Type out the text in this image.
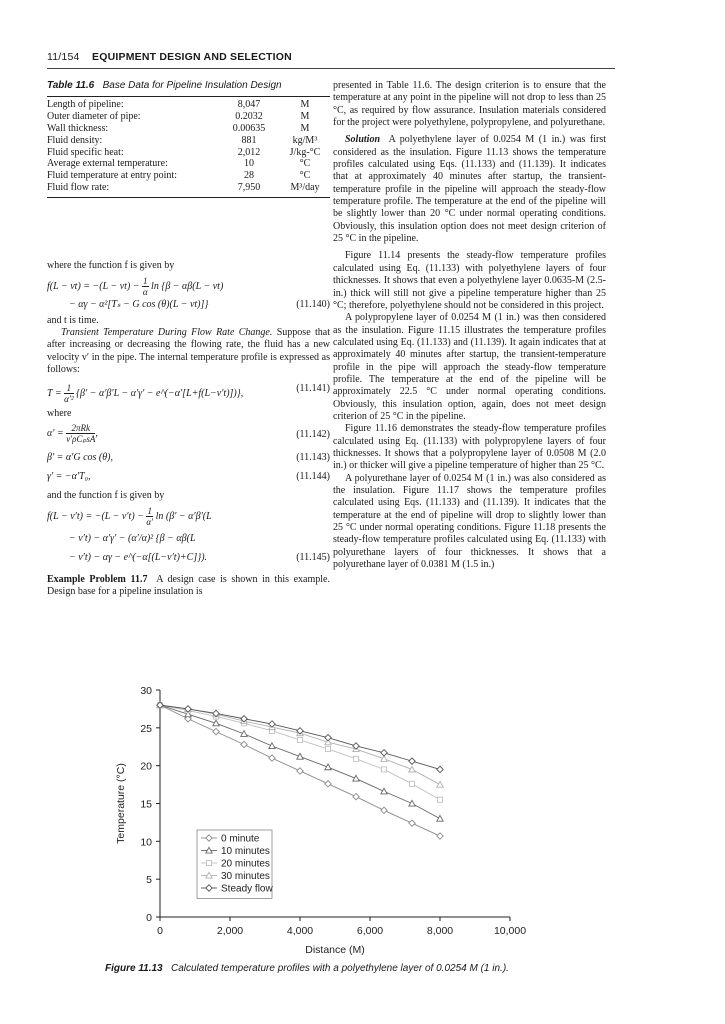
11/154 EQUIPMENT DESIGN AND SELECTION
Table 11.6 Base Data for Pipeline Insulation Design
Length of pipeline:	8,047	M
Outer diameter of pipe:	0.2032	M
Wall thickness:	0.00635	M
Fluid density:	881	kg/M³
Fluid specific heat:	2,012	J/kg-°C
Average external temperature:	10	°C
Fluid temperature at entry point:	28	°C
Fluid flow rate:	7,950	M³/day

where the function f is given by

$f(L - vt) = -(L - vt) - \frac{1}{\alpha}$ ln {β − αβ(L − vt)
− αγ − α²[Tₛ − G cos (θ)(L − vt)]}	(11.140)

and t is time.

Transient Temperature During Flow Rate Change. Suppose that after increasing or decreasing the flowing rate, the fluid has a new velocity v′ in the pipe. The internal temperature profile is expressed as follows:

$T = \frac{1}{\text{α′²}} \{\beta' - \alpha'\beta'L - \alpha'\gamma'$ − e^(−α′[L+f(L−v′t)])},	(11.141)

where

$\alpha' = \frac{\text{2πRk}}{\text{v′ρCₚsA}}$ ,	(11.142)
β′ = α′G cos (θ),	(11.143)
γ′ = −α′T₀,	(11.144)

and the function f is given by

$f(L - v't) = -(L - v't) - \frac{1}{\alpha'}$ ln (β′ − α′β′(L
− v′t) − α′γ′ − (α′/α)² {β − αβ(L
− v′t) − αγ − e^(−α[(L−v′t)+C]}).	(11.145)

Example Problem 11.7 A design case is shown in this example. Design base for a pipeline insulation is

presented in Table 11.6. The design criterion is to ensure that the temperature at any point in the pipeline will not drop to less than 25 °C, as required by flow assurance. Insulation materials considered for the project were polyethylene, polypropylene, and polyurethane.

Solution A polyethylene layer of 0.0254 M (1 in.) was first considered as the insulation. Figure 11.13 shows the temperature profiles calculated using Eqs. (11.133) and (11.139). It indicates that at approximately 40 minutes after startup, the transient-temperature profile in the pipeline will approach the steady-flow temperature profile. The temperature at the end of the pipeline will be slightly lower than 20 °C under normal operating conditions. Obviously, this insulation option does not meet design criterion of 25 °C in the pipeline.

Figure 11.14 presents the steady-flow temperature profiles calculated using Eq. (11.133) with polyethylene layers of four thicknesses. It shows that even a polyethylene layer 0.0635-M (2.5-in.) thick will still not give a pipeline temperature higher than 25 °C; therefore, polyethylene should not be considered in this project.

A polypropylene layer of 0.0254 M (1 in.) was then considered as the insulation. Figure 11.15 illustrates the temperature profiles calculated using Eq. (11.133) and (11.139). It again indicates that at approximately 40 minutes after startup, the transient-temperature profile in the pipe will approach the steady-flow temperature profile. The temperature at the end of the pipeline will be approximately 22.5 °C under normal operating conditions. Obviously, this insulation option, again, does not meet design criterion of 25 °C in the pipeline.

Figure 11.16 demonstrates the steady-flow temperature profiles calculated using Eq. (11.133) with polypropylene layers of four thicknesses. It shows that a polypropylene layer of 0.0508 M (2.0 in.) or thicker will give a pipeline temperature of higher than 25 °C.

A polyurethane layer of 0.0254 M (1 in.) was also considered as the insulation. Figure 11.17 shows the temperature profiles calculated using Eqs. (11.133) and (11.139). It indicates that the temperature at the end of pipeline will drop to slightly lower than 25 °C under normal operating conditions. Figure 11.18 presents the steady-flow temperature profiles calculated using Eq. (11.133) with polyurethane layers of four thicknesses. It shows that a polyurethane layer of 0.0381 M (1.5 in.)

0
5
10
15
20
25
30
0	2,000	4,000	6,000	8,000	10,000
Distance (M)
Temperature (°C)	0 minute
10 minutes
20 minutes
30 minutes
Steady flow
Figure 11.13 Calculated temperature profiles with a polyethylene layer of 0.0254 M (1 in.).
